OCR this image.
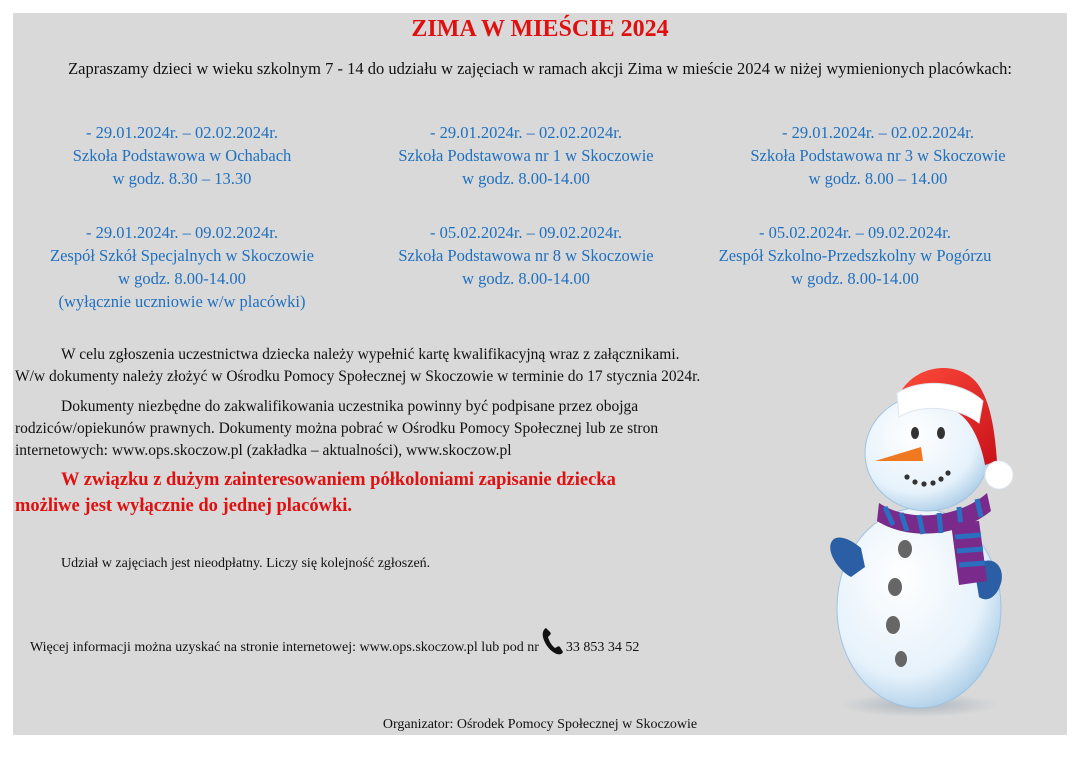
ZIMA W MIEŚCIE 2024
Zapraszamy dzieci w wieku szkolnym 7 - 14 do udziału w zajęciach w ramach akcji Zima w mieście 2024 w niżej wymienionych placówkach:
- 29.01.2024r. – 02.02.2024r.
Szkoła Podstawowa w Ochabach
w godz. 8.30 – 13.30
- 29.01.2024r. – 02.02.2024r.
Szkoła Podstawowa nr 1 w Skoczowie
w godz. 8.00-14.00
- 29.01.2024r. – 02.02.2024r.
Szkoła Podstawowa nr 3 w Skoczowie
w godz. 8.00 – 14.00
- 29.01.2024r. – 09.02.2024r.
Zespół Szkół Specjalnych w Skoczowie
w godz. 8.00-14.00
(wyłącznie uczniowie w/w placówki)
- 05.02.2024r. – 09.02.2024r.
Szkoła Podstawowa nr 8 w Skoczowie
w godz. 8.00-14.00
- 05.02.2024r. – 09.02.2024r.
Zespół Szkolno-Przedszkolny w Pogórzu
w godz. 8.00-14.00
W celu zgłoszenia uczestnictwa dziecka należy wypełnić kartę kwalifikacyjną wraz z załącznikami.
W/w dokumenty należy złożyć w Ośrodku Pomocy Społecznej w Skoczowie w terminie do 17 stycznia 2024r.
Dokumenty niezbędne do zakwalifikowania uczestnika powinny być podpisane przez obojga
rodziców/opiekunów prawnych. Dokumenty można pobrać w Ośrodku Pomocy Społecznej lub ze stron
internetowych: www.ops.skoczow.pl (zakładka – aktualności), www.skoczow.pl
W związku z dużym zainteresowaniem półkoloniami zapisanie dziecka
możliwe jest wyłącznie do jednej placówki.
Udział w zajęciach jest nieodpłatny. Liczy się kolejność zgłoszeń.
Więcej informacji można uzyskać na stronie internetowej: www.ops.skoczow.pl lub pod nr 33 853 34 52
Organizator: Ośrodek Pomocy Społecznej w Skoczowie
